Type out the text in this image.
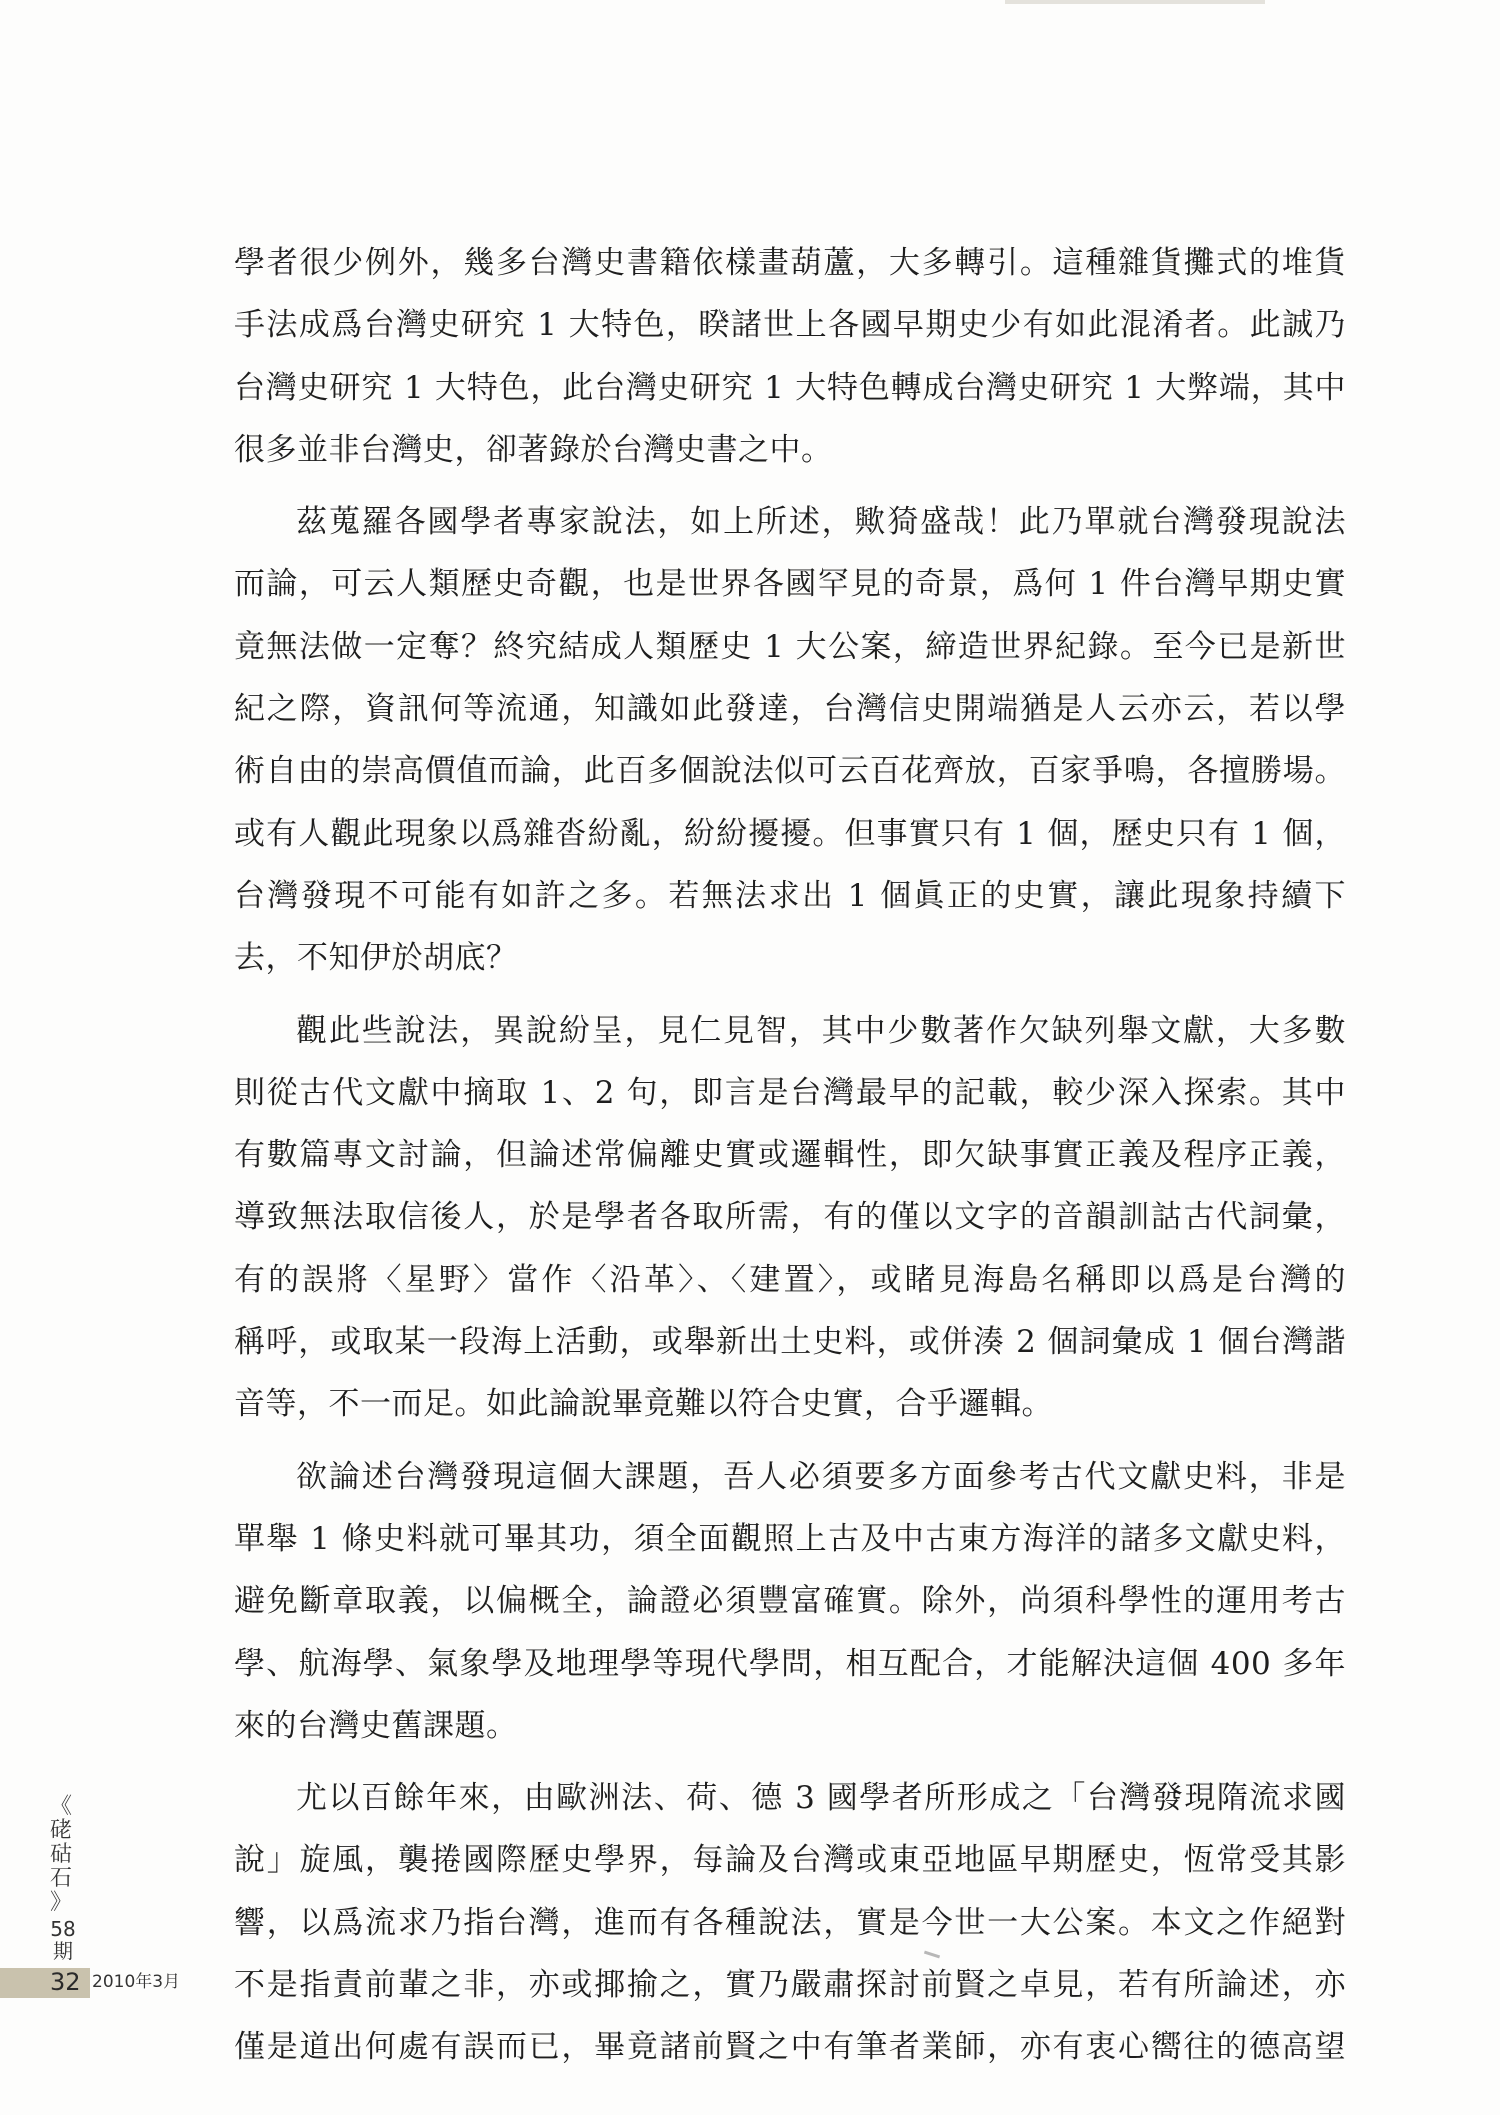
學者很少例外，幾多台灣史書籍依樣畫葫蘆，大多轉引。這種雜貨攤式的堆貨
手法成爲台灣史研究 1 大特色，睽諸世上各國早期史少有如此混淆者。此誠乃
台灣史研究 1 大特色，此台灣史研究 1 大特色轉成台灣史研究 1 大弊端，其中
很多並非台灣史，卻著錄於台灣史書之中。
茲蒐羅各國學者專家說法，如上所述，歟猗盛哉！此乃單就台灣發現說法
而論，可云人類歷史奇觀，也是世界各國罕見的奇景，爲何 1 件台灣早期史實
竟無法做一定奪？終究結成人類歷史 1 大公案，締造世界紀錄。至今已是新世
紀之際，資訊何等流通，知識如此發達，台灣信史開端猶是人云亦云，若以學
術自由的崇高價值而論，此百多個說法似可云百花齊放，百家爭鳴，各擅勝場。
或有人觀此現象以爲雜沓紛亂，紛紛擾擾。但事實只有 1 個，歷史只有 1 個，
台灣發現不可能有如許之多。若無法求出 1 個眞正的史實，讓此現象持續下
去，不知伊於胡底？
觀此些說法，異說紛呈，見仁見智，其中少數著作欠缺列舉文獻，大多數
則從古代文獻中摘取 1、2 句，即言是台灣最早的記載，較少深入探索。其中
有數篇專文討論，但論述常偏離史實或邏輯性，即欠缺事實正義及程序正義，
導致無法取信後人，於是學者各取所需，有的僅以文字的音韻訓詁古代詞彙，
有的誤將〈星野〉當作〈沿革〉、〈建置〉，或睹見海島名稱即以爲是台灣的
稱呼，或取某一段海上活動，或舉新出土史料，或併湊 2 個詞彙成 1 個台灣諧
音等，不一而足。如此論說畢竟難以符合史實，合乎邏輯。
欲論述台灣發現這個大課題，吾人必須要多方面參考古代文獻史料，非是
單舉 1 條史料就可畢其功，須全面觀照上古及中古東方海洋的諸多文獻史料，
避免斷章取義，以偏概全，論證必須豐富確實。除外，尚須科學性的運用考古
學、航海學、氣象學及地理學等現代學問，相互配合，才能解決這個 400 多年
來的台灣史舊課題。
尤以百餘年來，由歐洲法、荷、德 3 國學者所形成之「台灣發現隋流求國
說」旋風，襲捲國際歷史學界，每論及台灣或東亞地區早期歷史，恆常受其影
響，以爲流求乃指台灣，進而有各種說法，實是今世一大公案。本文之作絕對
不是指責前輩之非，亦或揶揄之，實乃嚴肅探討前賢之卓見，若有所論述，亦
僅是道出何處有誤而已，畢竟諸前賢之中有筆者業師，亦有衷心嚮往的德高望
《
硓
𥑮
石
》
58期
32 2010年3月
